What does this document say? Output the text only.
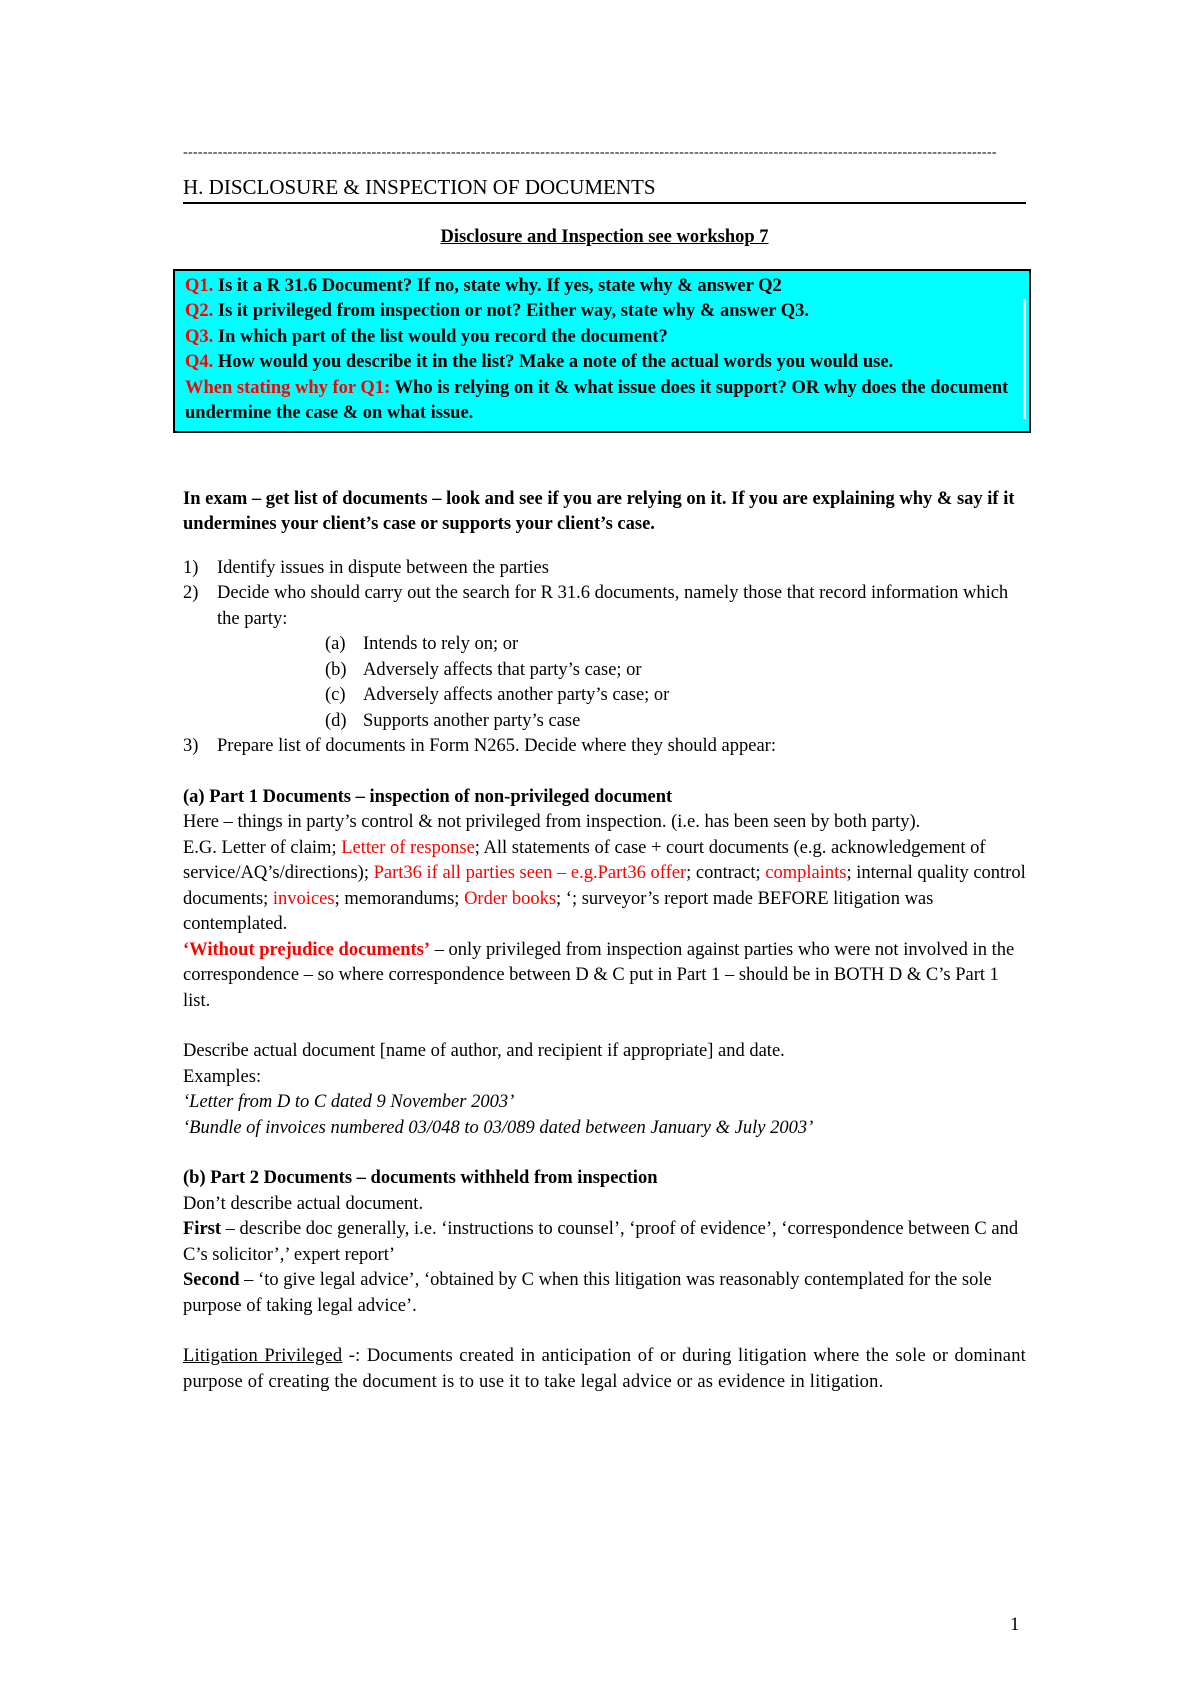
--------------------------------------------------------------------------------------------------------------------------------------------------------------------
H. DISCLOSURE & INSPECTION OF DOCUMENTS
Disclosure and Inspection see workshop 7

Q1. Is it a R 31.6 Document? If no, state why. If yes, state why & answer Q2

Q2. Is it privileged from inspection or not? Either way, state why & answer Q3.

Q3. In which part of the list would you record the document?

Q4. How would you describe it in the list? Make a note of the actual words you would use.

When stating why for Q1: Who is relying on it & what issue does it support? OR why does the document undermine the case & on what issue.

In exam – get list of documents – look and see if you are relying on it. If you are explaining why & say if it undermines your client’s case or supports your client’s case.

1) Identify issues in dispute between the parties
2) Decide who should carry out the search for R 31.6 documents, namely those that record information which the party:
(a) Intends to rely on; or
(b) Adversely affects that party’s case; or
(c) Adversely affects another party’s case; or
(d) Supports another party’s case
3) Prepare list of documents in Form N265. Decide where they should appear:

(a) Part 1 Documents – inspection of non-privileged document

Here – things in party’s control & not privileged from inspection. (i.e. has been seen by both party).

E.G. Letter of claim; Letter of response; All statements of case + court documents (e.g. acknowledgement of service/AQ’s/directions); Part36 if all parties seen – e.g.Part36 offer; contract; complaints; internal quality control documents; invoices; memorandums; Order books; ‘; surveyor’s report made BEFORE litigation was contemplated.

‘Without prejudice documents’ – only privileged from inspection against parties who were not involved in the correspondence – so where correspondence between D & C put in Part 1 – should be in BOTH D & C’s Part 1 list.

Describe actual document [name of author, and recipient if appropriate] and date.

Examples:

‘Letter from D to C dated 9 November 2003’

‘Bundle of invoices numbered 03/048 to 03/089 dated between January & July 2003’

(b) Part 2 Documents – documents withheld from inspection

Don’t describe actual document.

First – describe doc generally, i.e. ‘instructions to counsel’, ‘proof of evidence’, ‘correspondence between C and C’s solicitor’,’ expert report’

Second – ‘to give legal advice’, ‘obtained by C when this litigation was reasonably contemplated for the sole purpose of taking legal advice’.

Litigation Privileged -: Documents created in anticipation of or during litigation where the sole or dominant purpose of creating the document is to use it to take legal advice or as evidence in litigation.

1
